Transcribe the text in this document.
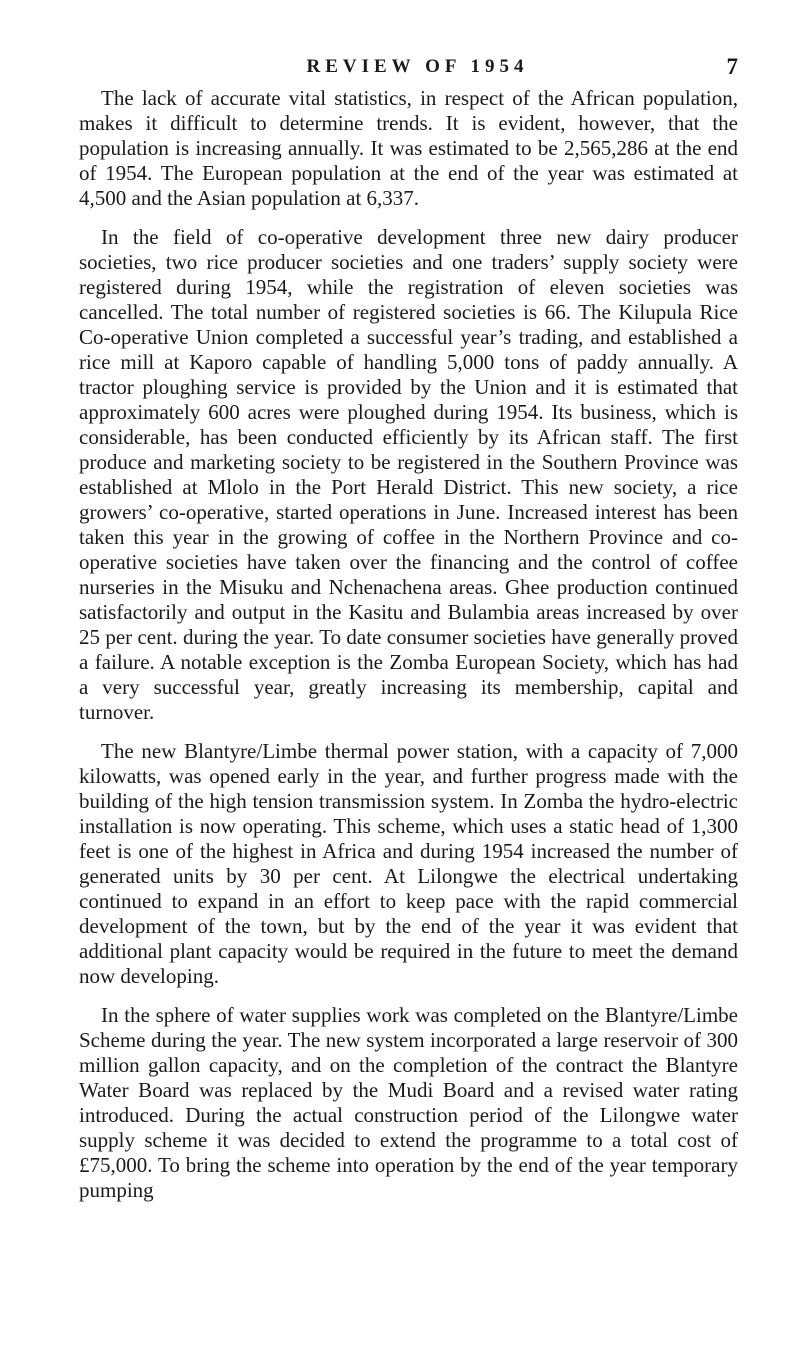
REVIEW OF 1954	7

The lack of accurate vital statistics, in respect of the African population, makes it difficult to determine trends. It is evident, however, that the population is increasing annually. It was estimated to be 2,565,286 at the end of 1954. The European population at the end of the year was estimated at 4,500 and the Asian population at 6,337.

In the field of co-operative development three new dairy producer societies, two rice producer societies and one traders’ supply society were registered during 1954, while the registration of eleven societies was cancelled. The total number of registered societies is 66. The Kilupula Rice Co-operative Union completed a successful year’s trading, and established a rice mill at Kaporo capable of handling 5,000 tons of paddy annually. A tractor ploughing service is provided by the Union and it is estimated that approximately 600 acres were ploughed during 1954. Its business, which is considerable, has been conducted efficiently by its African staff. The first produce and marketing society to be registered in the Southern Province was established at Mlolo in the Port Herald District. This new society, a rice growers’ co-operative, started operations in June. Increased interest has been taken this year in the growing of coffee in the Northern Province and co-operative societies have taken over the financing and the control of coffee nurseries in the Misuku and Nchenachena areas. Ghee production continued satisfactorily and output in the Kasitu and Bulambia areas increased by over 25 per cent. during the year. To date consumer societies have generally proved a failure. A notable exception is the Zomba European Society, which has had a very successful year, greatly increasing its membership, capital and turnover.

The new Blantyre/Limbe thermal power station, with a capacity of 7,000 kilowatts, was opened early in the year, and further progress made with the building of the high tension transmission system. In Zomba the hydro-electric installation is now operating. This scheme, which uses a static head of 1,300 feet is one of the highest in Africa and during 1954 increased the number of generated units by 30 per cent. At Lilongwe the electrical undertaking continued to expand in an effort to keep pace with the rapid commercial development of the town, but by the end of the year it was evident that additional plant capacity would be required in the future to meet the demand now developing.

In the sphere of water supplies work was completed on the Blantyre/Limbe Scheme during the year. The new system incorporated a large reservoir of 300 million gallon capacity, and on the completion of the contract the Blantyre Water Board was replaced by the Mudi Board and a revised water rating introduced. During the actual construction period of the Lilongwe water supply scheme it was decided to extend the programme to a total cost of £75,000. To bring the scheme into operation by the end of the year temporary pumping
